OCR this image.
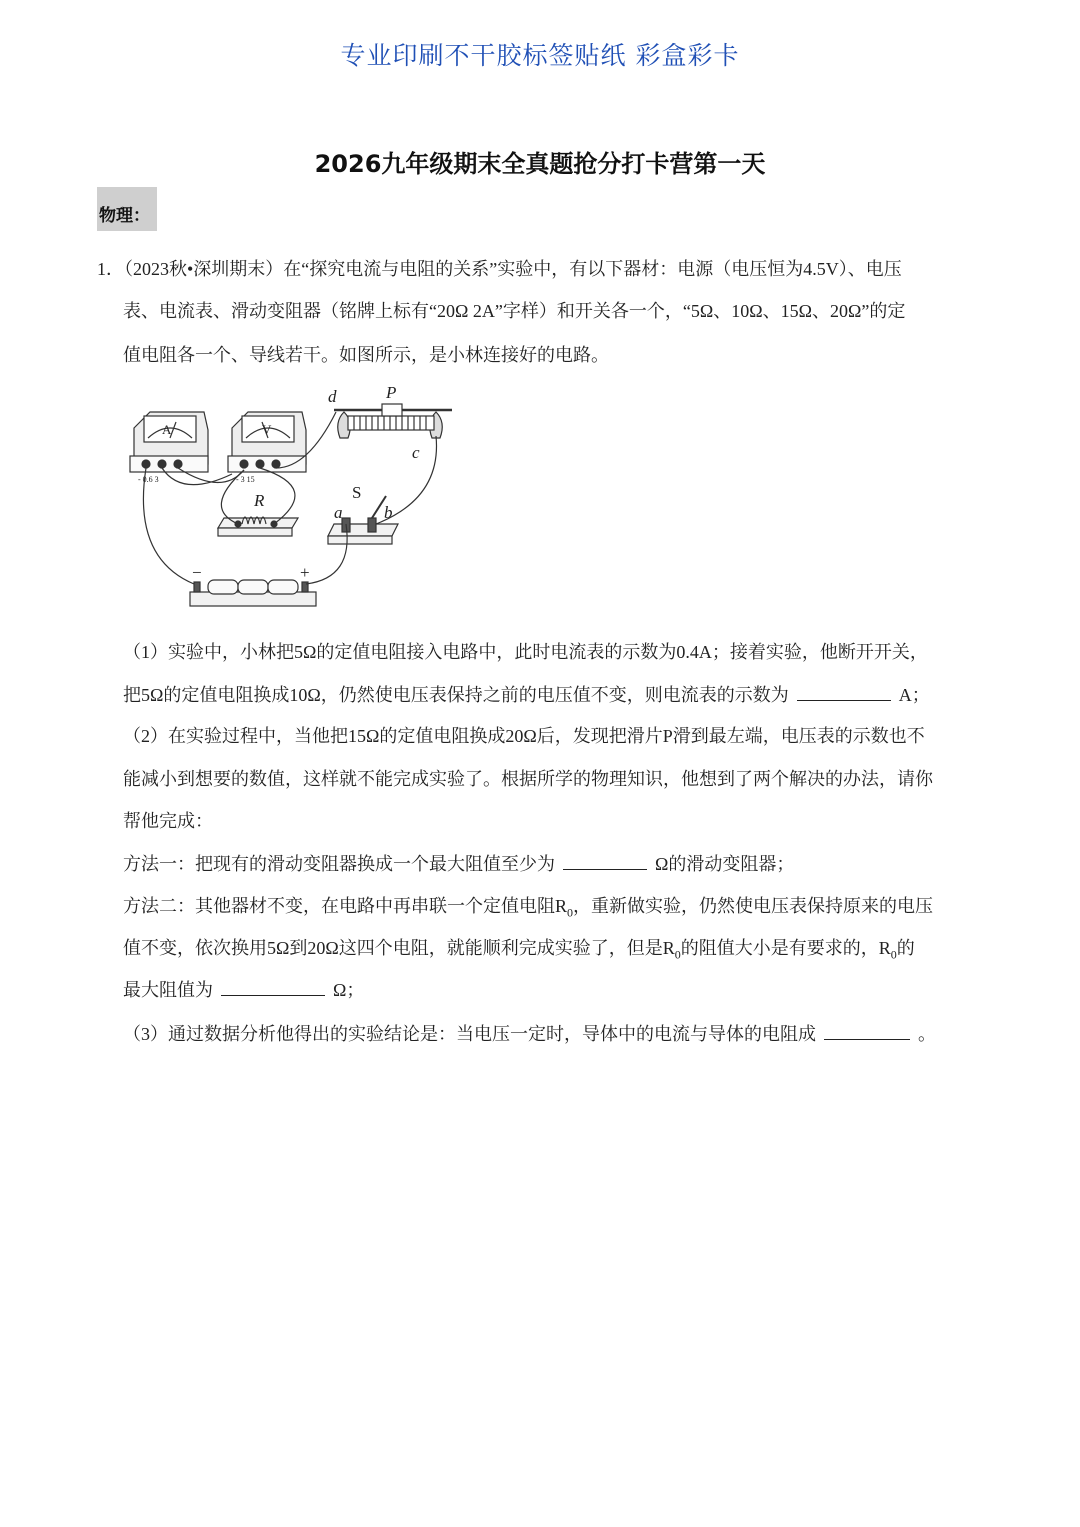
专业印刷不干胶标签贴纸 彩盒彩卡
2026九年级期末全真题抢分打卡营第一天
物理：
1．（2023秋•深圳期末）在“探究电流与电阻的关系”实验中，有以下器材：电源（电压恒为4.5V）、电压
表、电流表、滑动变阻器（铭牌上标有“20Ω 2A”字样）和开关各一个，“5Ω、10Ω、15Ω、20Ω”的定
值电阻各一个、导线若干。如图所示，是小林连接好的电路。
d	P
c
R	S
a b
−	+
A	V
- 0.6 3	- 3 15
（1）实验中，小林把5Ω的定值电阻接入电路中，此时电流表的示数为0.4A；接着实验，他断开开关，
把5Ω的定值电阻换成10Ω，仍然使电压表保持之前的电压值不变，则电流表的示数为	A；
（2）在实验过程中，当他把15Ω的定值电阻换成20Ω后，发现把滑片P滑到最左端，电压表的示数也不
能减小到想要的数值，这样就不能完成实验了。根据所学的物理知识，他想到了两个解决的办法，请你
帮他完成：
方法一：把现有的滑动变阻器换成一个最大阻值至少为	Ω的滑动变阻器；
方法二：其他器材不变，在电路中再串联一个定值电阻$R_0$，重新做实验，仍然使电压表保持原来的电压
值不变，依次换用5Ω到20Ω这四个电阻，就能顺利完成实验了，但是$R_0$的阻值大小是有要求的，$R_0$的
最大阻值为	Ω；
（3）通过数据分析他得出的实验结论是：当电压一定时，导体中的电流与导体的电阻成	。
